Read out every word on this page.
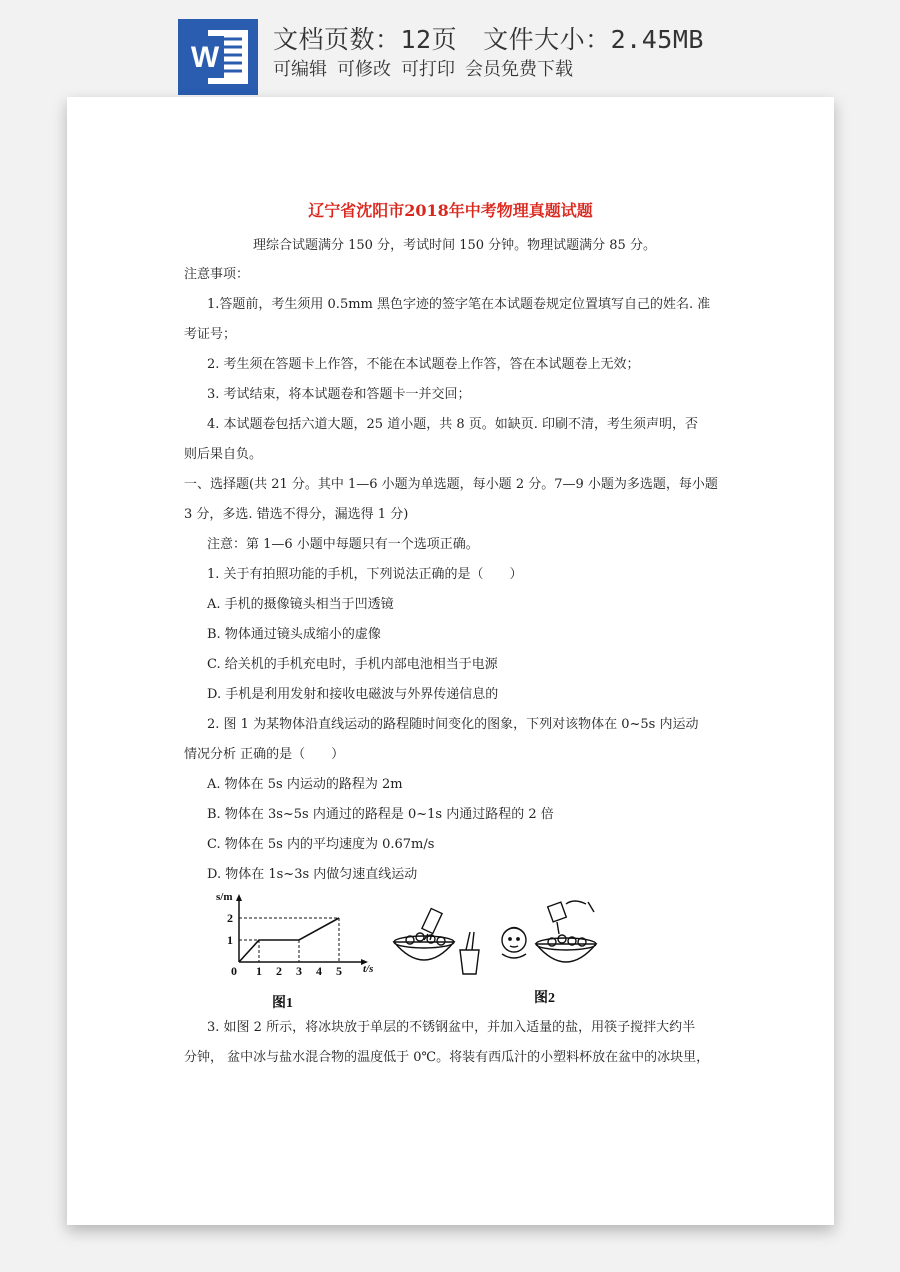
W
文档页数：12页 文件大小：2.45MB
可编辑 可修改 可打印 会员免费下载
辽宁省沈阳市2018年中考物理真题试题
理综合试题满分 150 分，考试时间 150 分钟。物理试题满分 85 分。
注意事项：
1.答题前，考生须用 0.5mm 黑色字迹的签字笔在本试题卷规定位置填写自己的姓名. 准
考证号；
2. 考生须在答题卡上作答，不能在本试题卷上作答，答在本试题卷上无效；
3. 考试结束，将本试题卷和答题卡一并交回；
4. 本试题卷包括六道大题，25 道小题，共 8 页。如缺页. 印刷不清，考生须声明，否
则后果自负。
一、选择题(共 21 分。其中 1—6 小题为单选题，每小题 2 分。7—9 小题为多选题，每小题
3 分，多选. 错选不得分，漏选得 1 分)
注意：第 1—6 小题中每题只有一个选项正确。
1. 关于有拍照功能的手机，下列说法正确的是（　　）
A. 手机的摄像镜头相当于凹透镜
B. 物体通过镜头成缩小的虚像
C. 给关机的手机充电时，手机内部电池相当于电源
D. 手机是利用发射和接收电磁波与外界传递信息的
2. 图 1 为某物体沿直线运动的路程随时间变化的图象，下列对该物体在 0~5s 内运动
情况分析 正确的是（　　）
A. 物体在 5s 内运动的路程为 2m
B. 物体在 3s~5s 内通过的路程是 0~1s 内通过路程的 2 倍
C. 物体在 5s 内的平均速度为 0.67m/s
D. 物体在 1s~3s 内做匀速直线运动
s/m
t/s
0 1 2 3 4 5
1
2
图1	图2
3. 如图 2 所示，将冰块放于单层的不锈钢盆中，并加入适量的盐，用筷子搅拌大约半
分钟， 盆中冰与盐水混合物的温度低于 0℃。将装有西瓜汁的小塑料杯放在盆中的冰块里，
